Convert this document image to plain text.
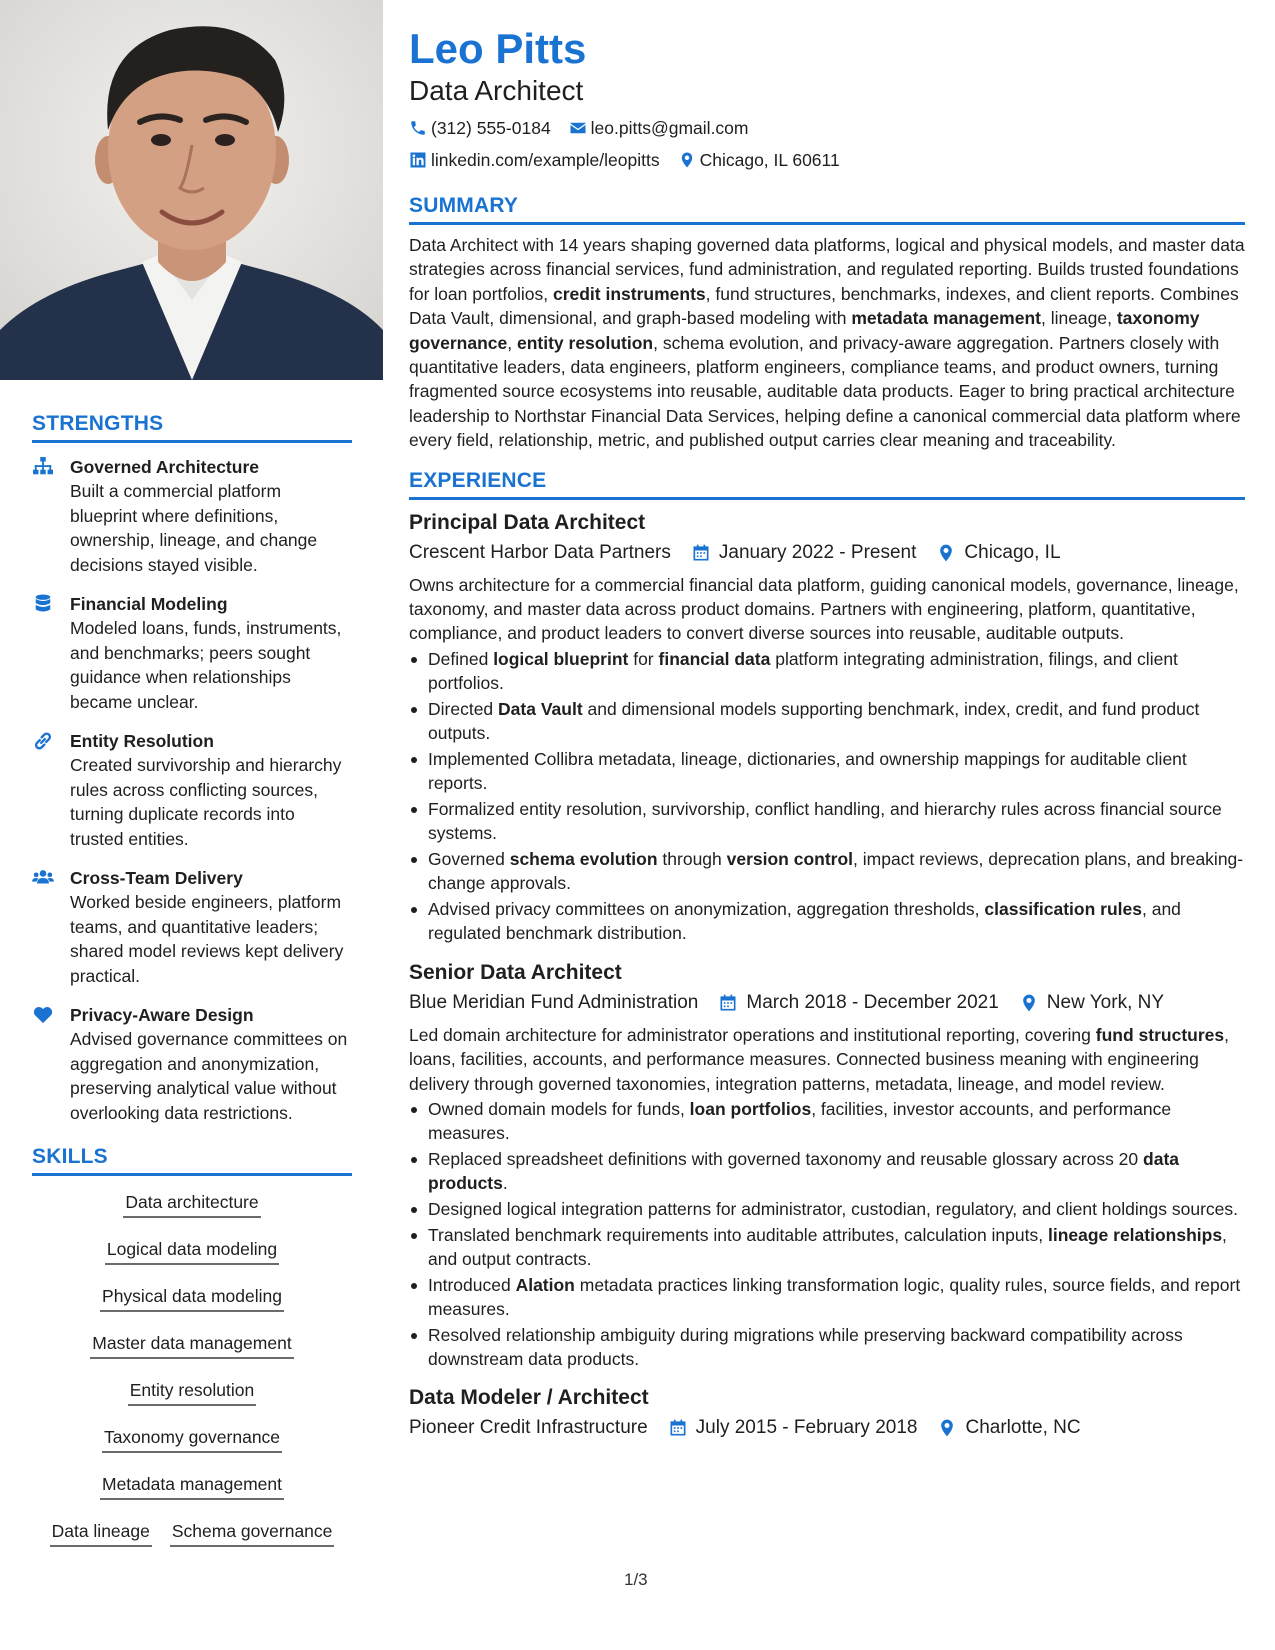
STRENGTHS
Governed Architecture
Built a commercial platform blueprint where definitions, ownership, lineage, and change decisions stayed visible.
Financial Modeling
Modeled loans, funds, instruments, and benchmarks; peers sought guidance when relationships became unclear.
Entity Resolution
Created survivorship and hierarchy rules across conflicting sources, turning duplicate records into trusted entities.
Cross-Team Delivery
Worked beside engineers, platform teams, and quantitative leaders; shared model reviews kept delivery practical.
Privacy-Aware Design
Advised governance committees on aggregation and anonymization, preserving analytical value without overlooking data restrictions.
SKILLS
Data architecture
Logical data modeling
Physical data modeling
Master data management
Entity resolution
Taxonomy governance
Metadata management
Data lineage Schema governance
Leo Pitts
Data Architect
(312) 555-0184 leo.pitts@gmail.com
linkedin.com/example/leopitts Chicago, IL 60611
SUMMARY
Data Architect with 14 years shaping governed data platforms, logical and physical models, and master data strategies across financial services, fund administration, and regulated reporting. Builds trusted foundations for loan portfolios, credit instruments, fund structures, benchmarks, indexes, and client reports. Combines Data Vault, dimensional, and graph-based modeling with metadata management, lineage, taxonomy governance, entity resolution, schema evolution, and privacy-aware aggregation. Partners closely with quantitative leaders, data engineers, platform engineers, compliance teams, and product owners, turning fragmented source ecosystems into reusable, auditable data products. Eager to bring practical architecture leadership to Northstar Financial Data Services, helping define a canonical commercial data platform where every field, relationship, metric, and published output carries clear meaning and traceability.
EXPERIENCE
Principal Data Architect
Crescent Harbor Data Partners	January 2022 - Present	Chicago, IL
Owns architecture for a commercial financial data platform, guiding canonical models, governance, lineage, taxonomy, and master data across product domains. Partners with engineering, platform, quantitative, compliance, and product leaders to convert diverse sources into reusable, auditable outputs.
Defined logical blueprint for financial data platform integrating administration, filings, and client portfolios.
Directed Data Vault and dimensional models supporting benchmark, index, credit, and fund product outputs.
Implemented Collibra metadata, lineage, dictionaries, and ownership mappings for auditable client reports.
Formalized entity resolution, survivorship, conflict handling, and hierarchy rules across financial source systems.
Governed schema evolution through version control, impact reviews, deprecation plans, and breaking-change approvals.
Advised privacy committees on anonymization, aggregation thresholds, classification rules, and regulated benchmark distribution.
Senior Data Architect
Blue Meridian Fund Administration	March 2018 - December 2021	New York, NY
Led domain architecture for administrator operations and institutional reporting, covering fund structures, loans, facilities, accounts, and performance measures. Connected business meaning with engineering delivery through governed taxonomies, integration patterns, metadata, lineage, and model review.
Owned domain models for funds, loan portfolios, facilities, investor accounts, and performance measures.
Replaced spreadsheet definitions with governed taxonomy and reusable glossary across 20 data products.
Designed logical integration patterns for administrator, custodian, regulatory, and client holdings sources.
Translated benchmark requirements into auditable attributes, calculation inputs, lineage relationships, and output contracts.
Introduced Alation metadata practices linking transformation logic, quality rules, source fields, and report measures.
Resolved relationship ambiguity during migrations while preserving backward compatibility across downstream data products.
Data Modeler / Architect
Pioneer Credit Infrastructure	July 2015 - February 2018	Charlotte, NC
1/3
